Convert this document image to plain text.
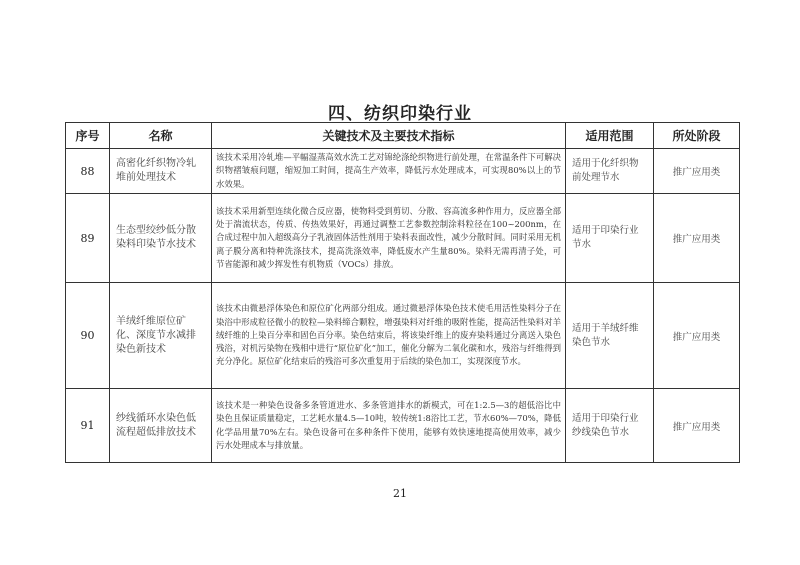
四、纺织印染行业
序号	名称	关键技术及主要技术指标	适用范围	所处阶段
88	高密化纤织物冷轧堆前处理技术	该技术采用冷轧堆—平幅湿蒸高效水洗工艺对锦纶涤纶织物进行前处理，在常温条件下可解决织物褶皱痕问题，缩短加工时间，提高生产效率，降低污水处理成本，可实现80%以上的节水效果。	适用于化纤织物前处理节水	推广应用类
89	生态型绞纱低分散染料印染节水技术	该技术采用新型连续化微合反应器，使物料受到剪切、分散、容高流多种作用力，反应器全部处于湍流状态，传质、传热效果好，再通过调整工艺参数控制涂料粒径在100~200nm，在合成过程中加入超级高分子乳液固体活性剂用于染料表面改性，减少分散时间。同时采用无机离子膜分离和特种洗涤技术，提高洗涤效率，降低废水产生量80%。染料无需再清子处，可节省能源和减少挥发性有机物质（VOCs）排放。	适用于印染行业节水	推广应用类
90	羊绒纤维原位矿化、深度节水减排染色新技术	该技术由微悬浮体染色和原位矿化两部分组成。通过微悬浮体染色技术使毛用活性染料分子在染浴中形成粒径微小的胶粒—染料缔合颗粒，增强染料对纤维的吸附性能，提高活性染料对羊绒纤维的上染百分率和固色百分率。染色结束后，将该染纤维上的废弃染料通过分离送入染色残浴，对机污染物在残相中进行“原位矿化”加工，催化分解为二氧化碳和水，残浴与纤维得到充分净化。原位矿化结束后的残浴可多次重复用于后续的染色加工，实现深度节水。	适用于羊绒纤维染色节水	推广应用类
91	纱线循环水染色低流程超低排放技术	该技术是一种染色设备多条管道进水、多条管道排水的新模式，可在1:2.5—3的超低浴比中染色且保证质量稳定，工艺耗水量4.5—10吨，较传统1:8浴比工艺，节水60%—70%，降低化学品用量70%左右。染色设备可在多种条件下使用，能够有效快速地提高使用效率，减少污水处理成本与排放量。	适用于印染行业纱线染色节水	推广应用类
21
